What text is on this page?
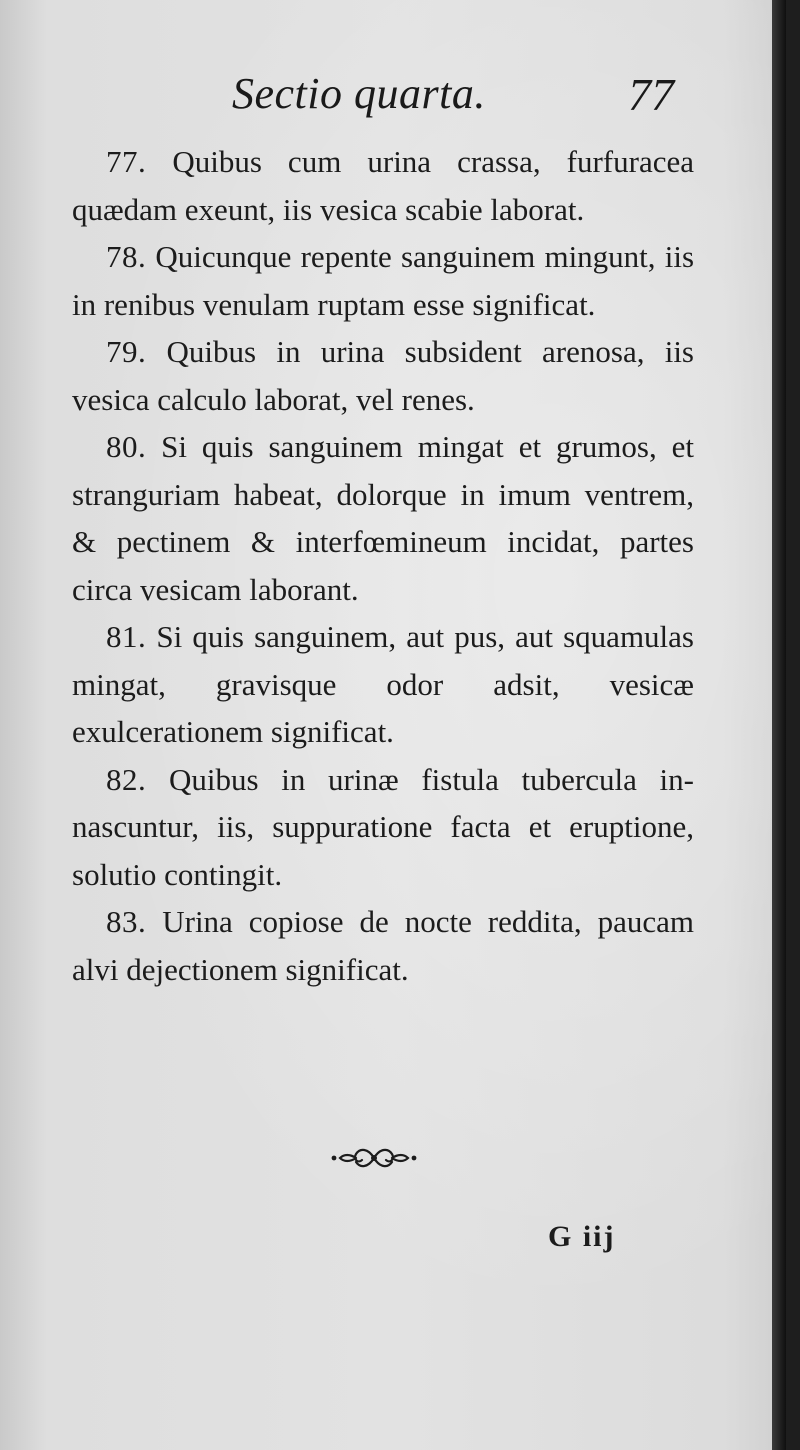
Sectio quarta.	77

77. Quibus cum urina crassa, furfuracea quædam exeunt, iis vesica scabie laborat.

78. Quicunque repente sanguinem mingunt, iis in renibus venulam ruptam esse significat.

79. Quibus in urina subsident arenosa, iis vesica calculo laborat, vel renes.

80. Si quis sanguinem mingat et grumos, et stranguriam habeat, dolorque in imum ventrem, & pectinem & interfœmineum incidat, partes circa vesicam laborant.

81. Si quis sanguinem, aut pus, aut squamulas mingat, gravisque odor adsit, vesicæ exulcerationem significat.

82. Quibus in urinæ fistula tubercula innascuntur, iis, suppuratione facta et eruptione, solutio contingit.

83. Urina copiose de nocte reddita, paucam alvi dejectionem significat.

G iij
